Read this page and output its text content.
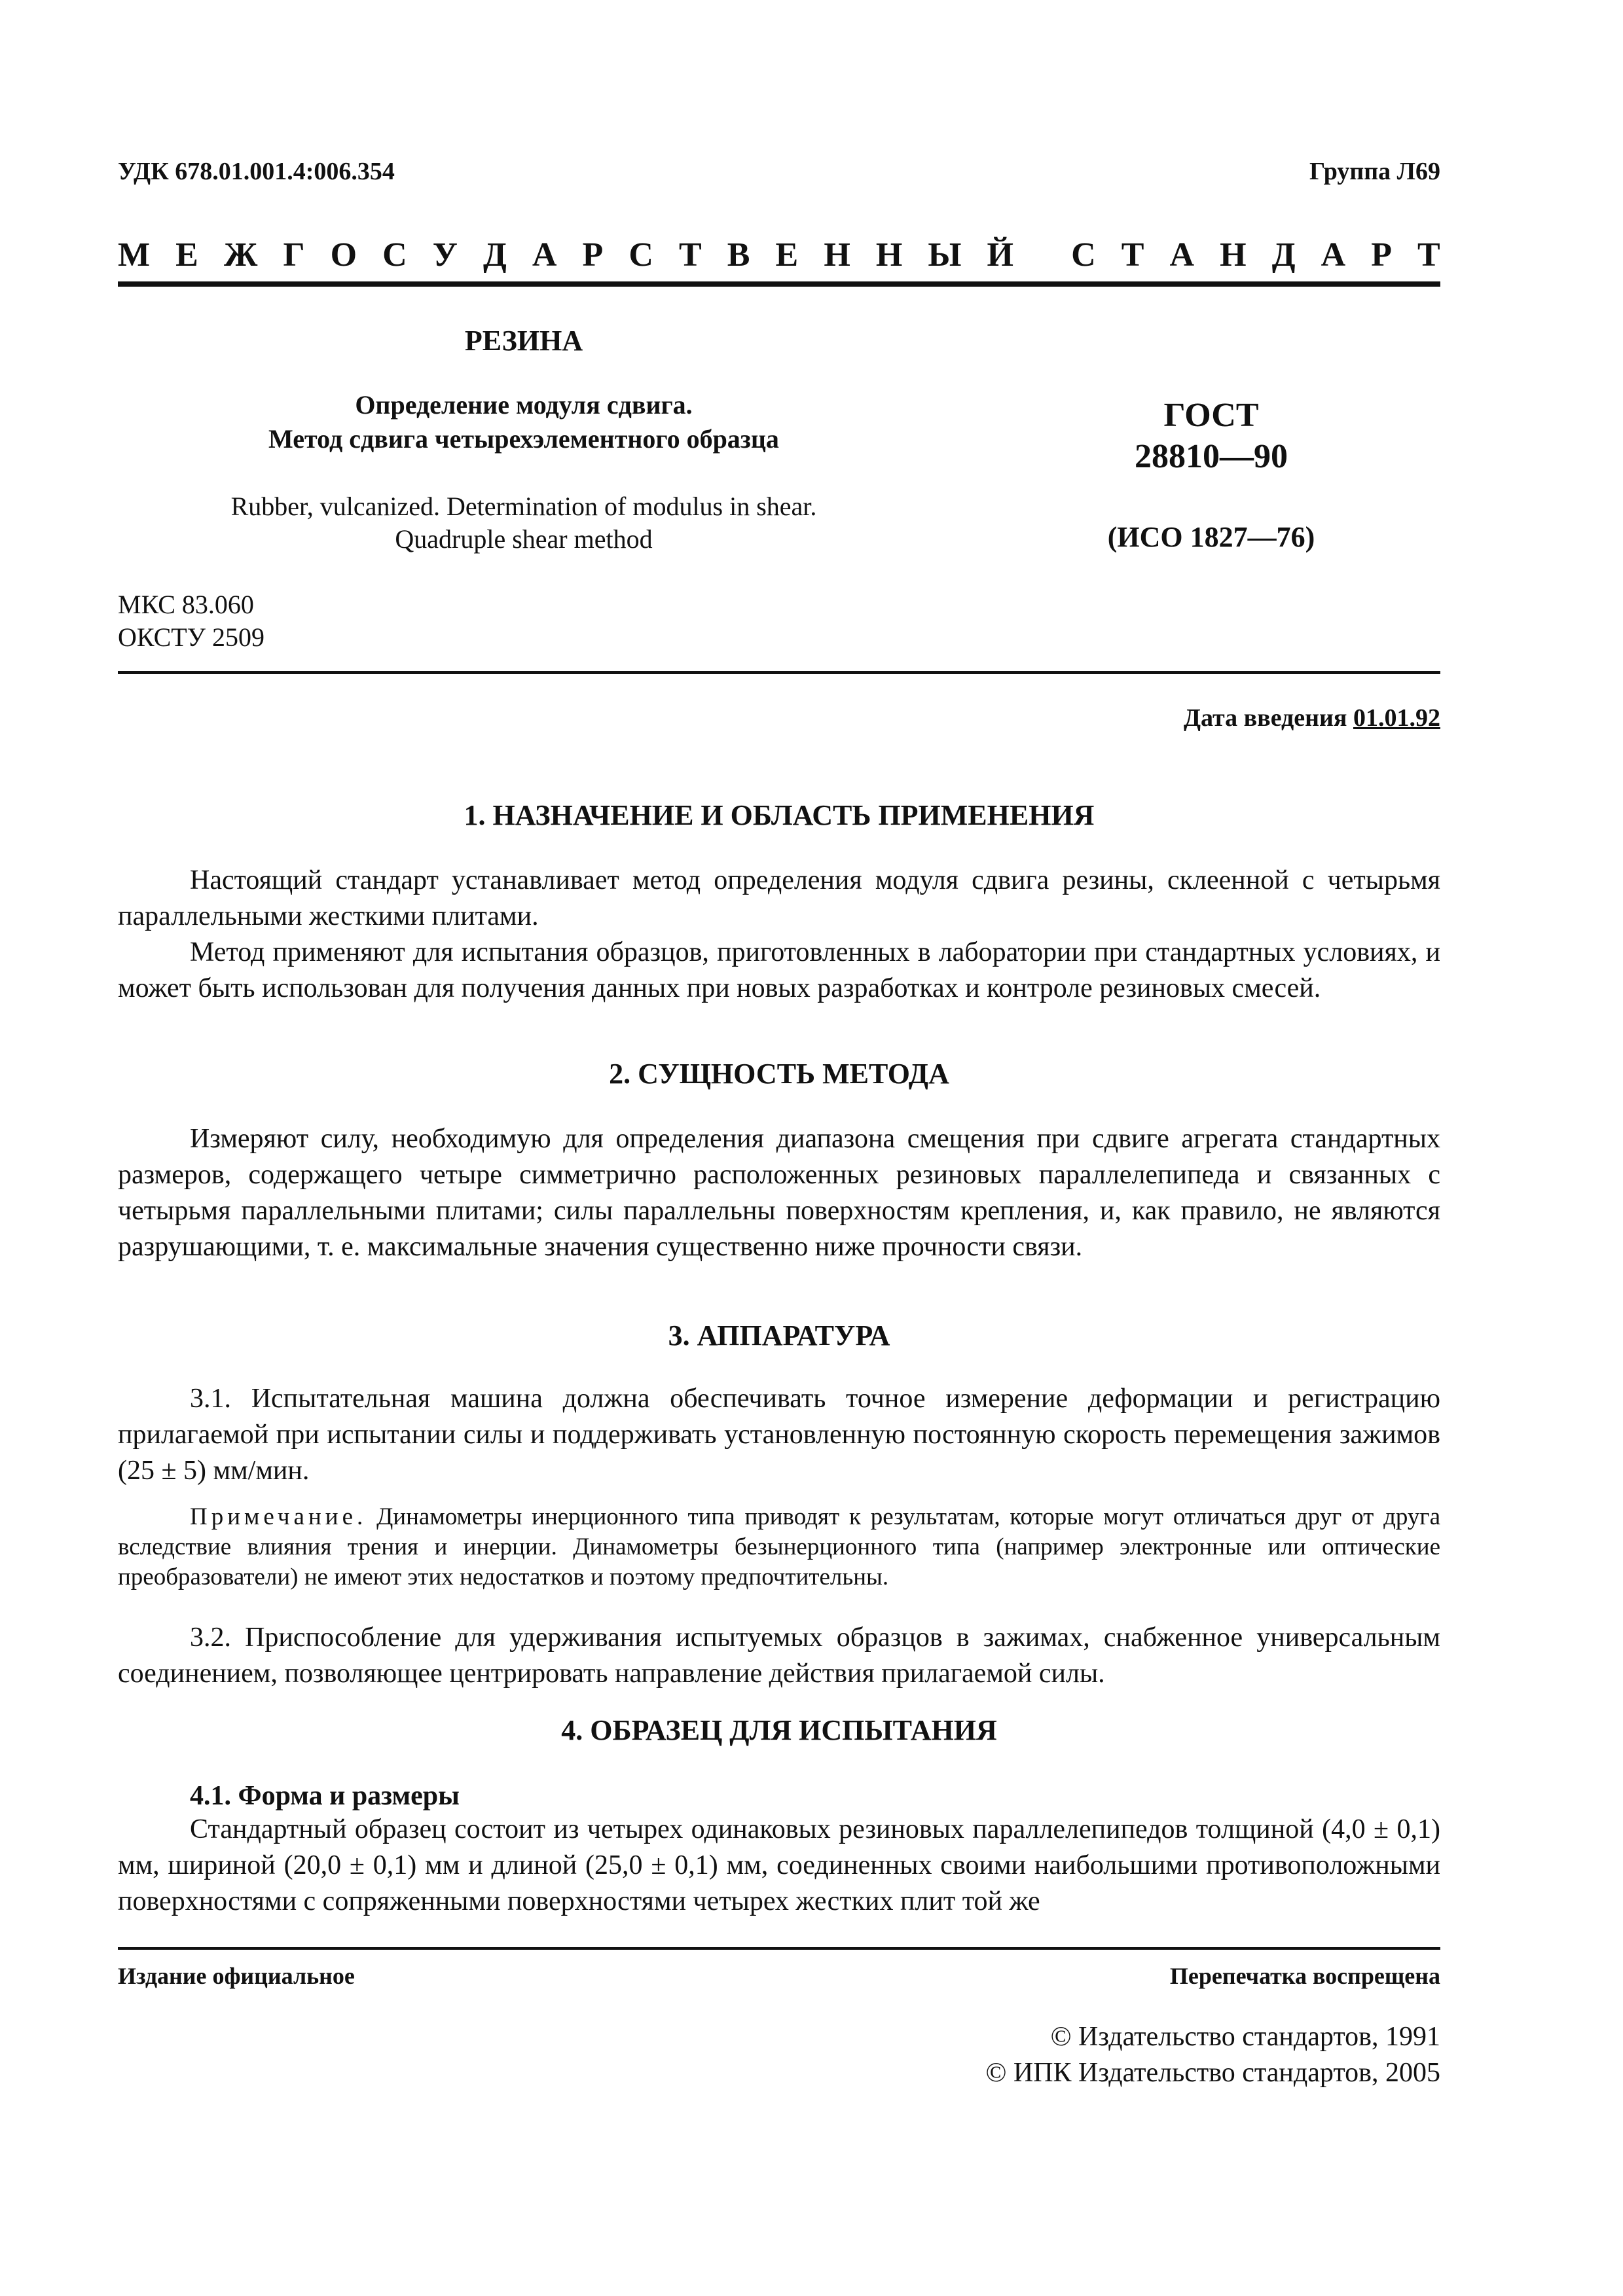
УДК 678.01.001.4:006.354	Группа Л69
М Е Ж Г О С У Д А Р С Т В Е Н Н Ы Й С Т А Н Д А Р Т
РЕЗИНА
Определение модуля сдвига.
Метод сдвига четырехэлементного образца
Rubber, vulcanized. Determination of modulus in shear.
Quadruple shear method
ГОСТ
28810—90
(ИСО 1827—76)
МКС 83.060
ОКСТУ 2509
Дата введения 01.01.92
1. НАЗНАЧЕНИЕ И ОБЛАСТЬ ПРИМЕНЕНИЯ

Настоящий стандарт устанавливает метод определения модуля сдвига резины, склеенной с четырьмя параллельными жесткими плитами.

Метод применяют для испытания образцов, приготовленных в лаборатории при стандартных условиях, и может быть использован для получения данных при новых разработках и контроле резиновых смесей.

2. СУЩНОСТЬ МЕТОДА

Измеряют силу, необходимую для определения диапазона смещения при сдвиге агрегата стандартных размеров, содержащего четыре симметрично расположенных резиновых параллелепипеда и связанных с четырьмя параллельными плитами; силы параллельны поверхностям крепления, и, как правило, не являются разрушающими, т. е. максимальные значения существенно ниже прочности связи.

3. АППАРАТУРА

3.1. Испытательная машина должна обеспечивать точное измерение деформации и регистрацию прилагаемой при испытании силы и поддерживать установленную постоянную скорость перемещения зажимов (25 ± 5) мм/мин.

Примечание. Динамометры инерционного типа приводят к результатам, которые могут отличаться друг от друга вследствие влияния трения и инерции. Динамометры безынерционного типа (например электронные или оптические преобразователи) не имеют этих недостатков и поэтому предпочтительны.

3.2. Приспособление для удерживания испытуемых образцов в зажимах, снабженное универсальным соединением, позволяющее центрировать направление действия прилагаемой силы.

4. ОБРАЗЕЦ ДЛЯ ИСПЫТАНИЯ
4.1. Форма и размеры

Стандартный образец состоит из четырех одинаковых резиновых параллелепипедов толщиной (4,0 ± 0,1) мм, шириной (20,0 ± 0,1) мм и длиной (25,0 ± 0,1) мм, соединенных своими наибольшими противоположными поверхностями с сопряженными поверхностями четырех жестких плит той же

Издание официальное	Перепечатка воспрещена
© Издательство стандартов, 1991
© ИПК Издательство стандартов, 2005
